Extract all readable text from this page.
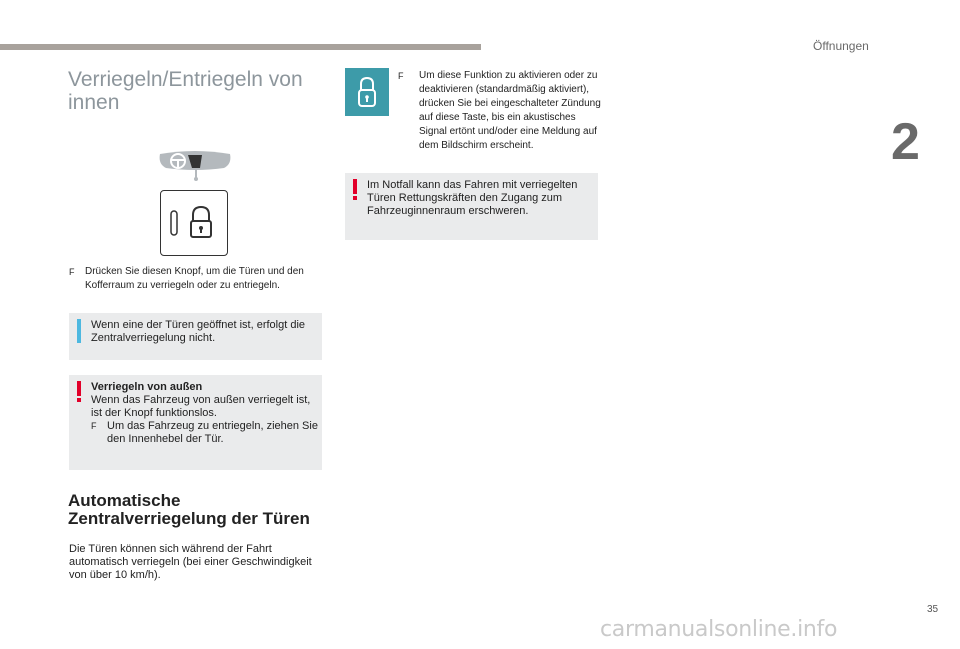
Öffnungen
2
Verriegeln/Entriegeln von innen
F Drücken Sie diesen Knopf, um die Türen und den Kofferraum zu verriegeln oder zu entriegeln.
Wenn eine der Türen geöffnet ist, erfolgt die Zentralverriegelung nicht.
Verriegeln von außen
Wenn das Fahrzeug von außen verriegelt ist, ist der Knopf funktionslos.
F Um das Fahrzeug zu entriegeln, ziehen Sie den Innenhebel der Tür.
Automatische Zentralverriegelung der Türen
Die Türen können sich während der Fahrt automatisch verriegeln (bei einer Geschwindigkeit von über 10 km/h).
F Um diese Funktion zu aktivieren oder zu deaktivieren (standardmäßig aktiviert), drücken Sie bei eingeschalteter Zündung auf diese Taste, bis ein akustisches Signal ertönt und/oder eine Meldung auf dem Bildschirm erscheint.
Im Notfall kann das Fahren mit verriegelten Türen Rettungskräften den Zugang zum Fahrzeuginnenraum erschweren.
35
carmanualsonline.info
